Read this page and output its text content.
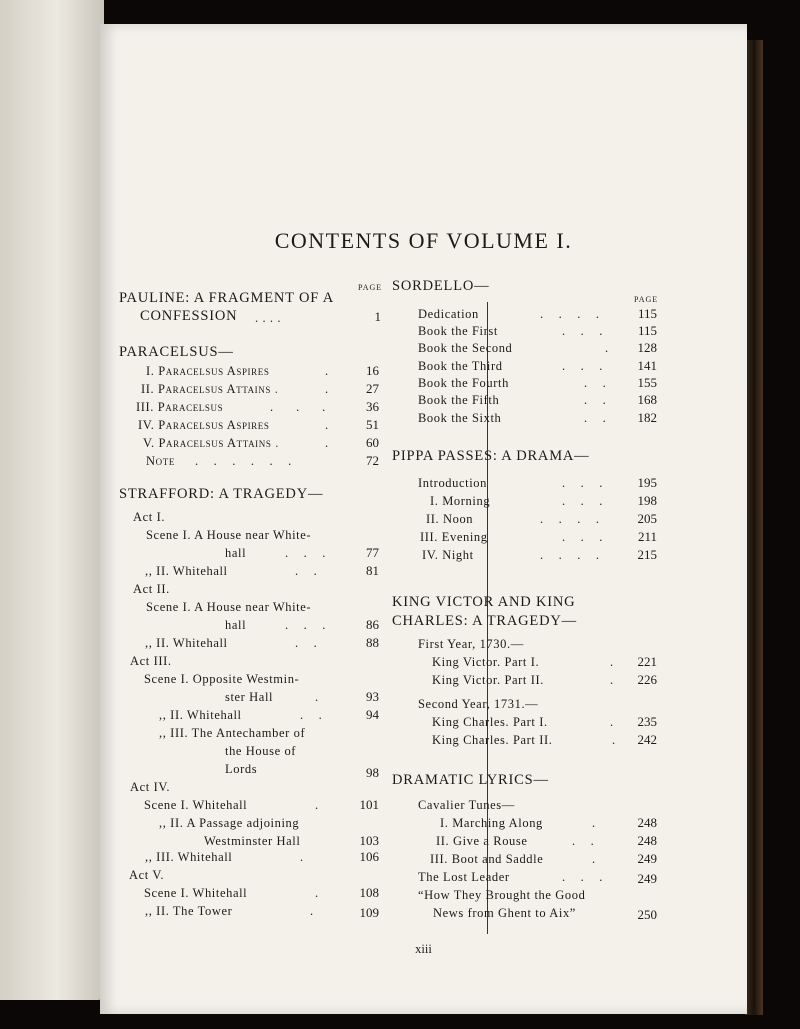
CONTENTS OF VOLUME I.
PAGE
PAULINE: A FRAGMENT OF A
CONFESSION . . . .	1
PARACELSUS—
I. Paracelsus Aspires	.	16
II. Paracelsus Attains .	.	27
III. Paracelsus	.      .      .	36
IV. Paracelsus Aspires	.	51
V. Paracelsus Attains .	.	60
Note .    .    .    .    .    .	72
STRAFFORD: A TRAGEDY—
Act I.
Scene I. A House near White-
hall	.    .    .	77
,, II. Whitehall	.    .	81
Act II.
Scene I. A House near White-
hall	.    .    .	86
,, II. Whitehall	.    .	88
Act III.
Scene I. Opposite Westmin-
ster Hall	.	93
,, II. Whitehall	.    .	94
,, III. The Antechamber of
the House of
Lords	98
Act IV.
Scene I. Whitehall	.	101
,, II. A Passage adjoining
Westminster Hall	103
,, III. Whitehall	.	106
Act V.
Scene I. Whitehall	.	108
,, II. The Tower	.	109
SORDELLO—
PAGE
Dedication	.    .    .    .	115
Book the First	.    .    .	115
Book the Second	.	128
Book the Third	.    .    .	141
Book the Fourth	.    .	155
Book the Fifth	.    .	168
Book the Sixth	.    .	182
PIPPA PASSES: A DRAMA—
Introduction	.    .    .	195
I. Morning	.    .    .	198
II. Noon	.    .    .    .	205
III. Evening	.    .    .	211
IV. Night	.    .    .    .	215
KING VICTOR AND KING
CHARLES: A TRAGEDY—
First Year, 1730.—
King Victor. Part I.	.	221
King Victor. Part II.	.	226
Second Year, 1731.—
King Charles. Part I.	.	235
King Charles. Part II.	.	242
DRAMATIC LYRICS—
Cavalier Tunes—
I. Marching Along	.	248
II. Give a Rouse	.    .	248
III. Boot and Saddle	.	249
The Lost Leader	.    .    .	249
“How They Brought the Good
News from Ghent to Aix”	250
xiii
